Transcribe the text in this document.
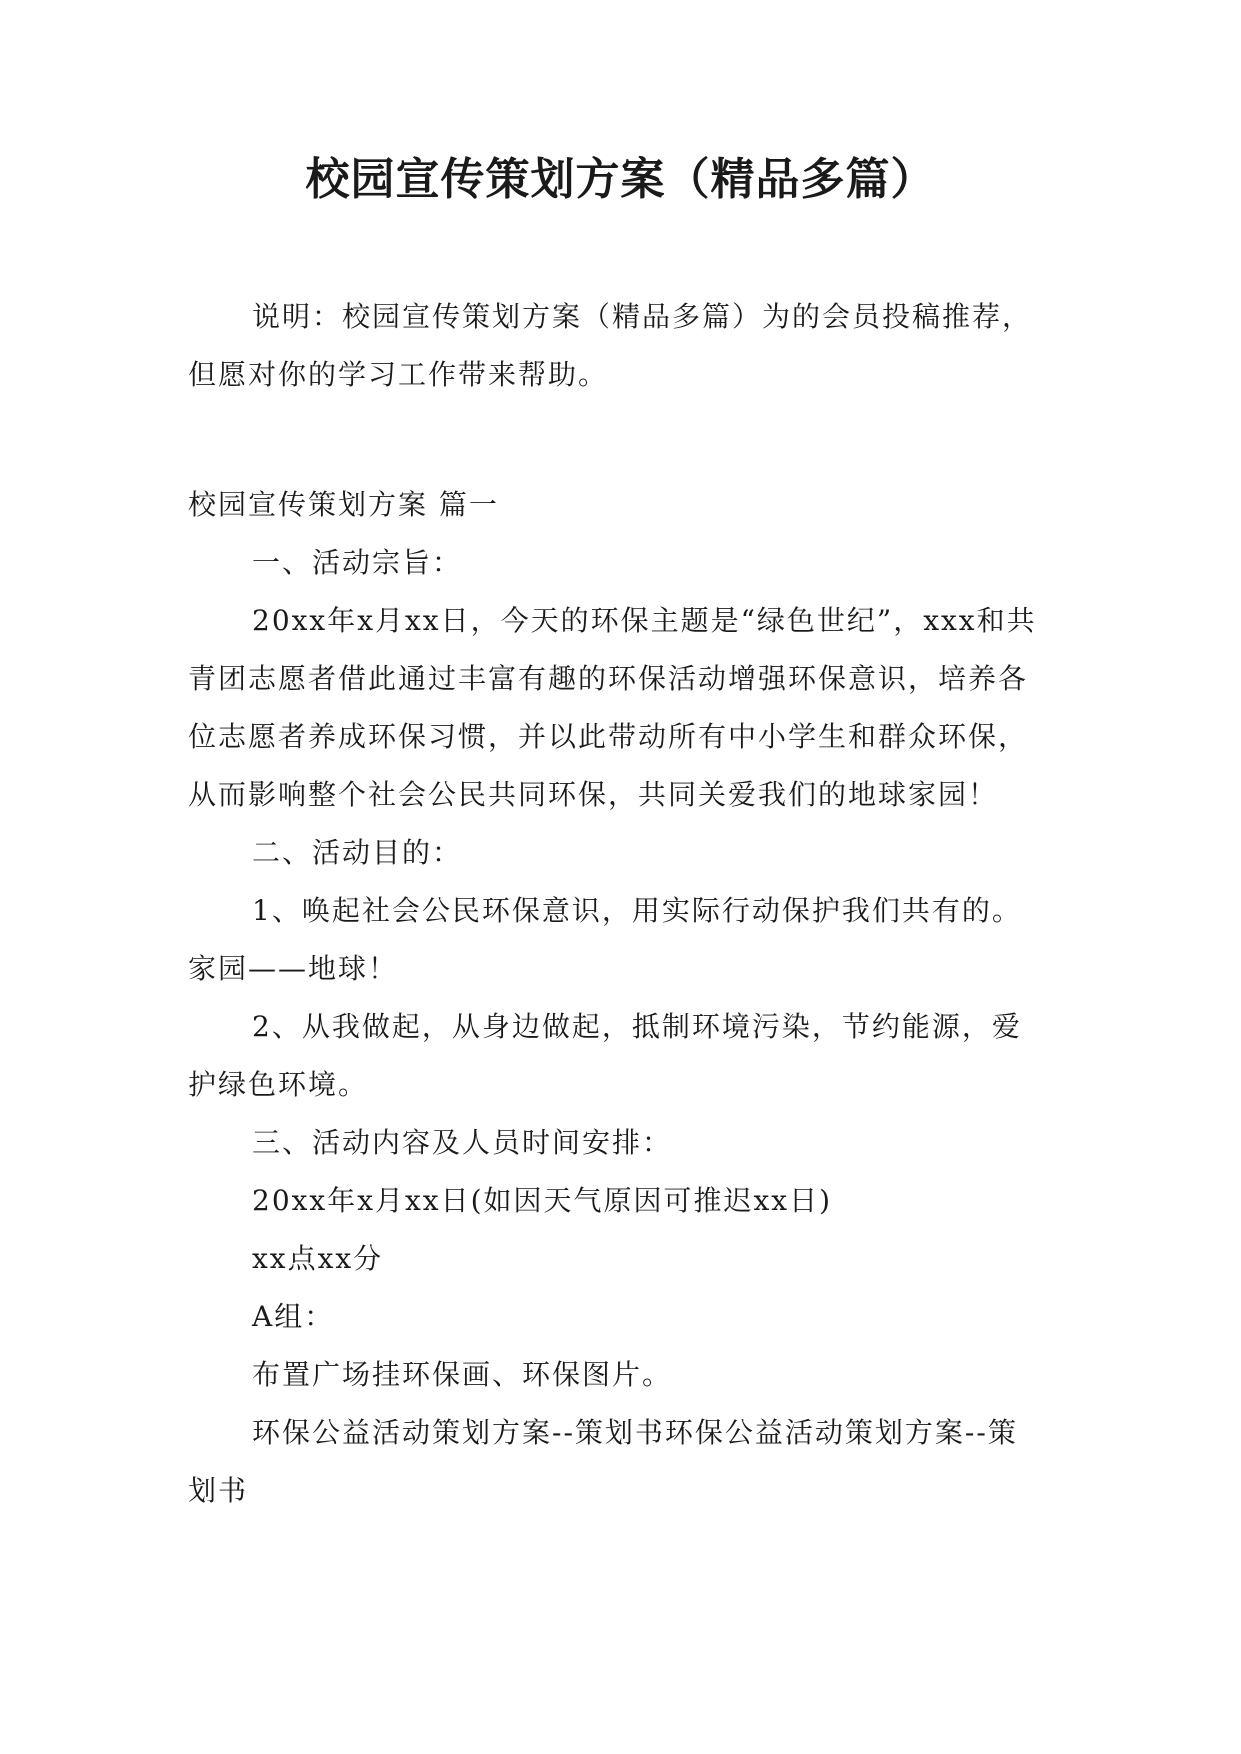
校园宣传策划方案（精品多篇）

说明：校园宣传策划方案（精品多篇）为的会员投稿推荐，但愿对你的学习工作带来帮助。

校园宣传策划方案 篇一

一、活动宗旨：

20xx年x月xx日，今天的环保主题是“绿色世纪”，xxx和共青团志愿者借此通过丰富有趣的环保活动增强环保意识，培养各位志愿者养成环保习惯，并以此带动所有中小学生和群众环保，从而影响整个社会公民共同环保，共同关爱我们的地球家园！

二、活动目的：

1、唤起社会公民环保意识，用实际行动保护我们共有的。家园——地球！

2、从我做起，从身边做起，抵制环境污染，节约能源，爱护绿色环境。

三、活动内容及人员时间安排：

20xx年x月xx日(如因天气原因可推迟xx日)

xx点xx分

A组：

布置广场挂环保画、环保图片。

环保公益活动策划方案--策划书环保公益活动策划方案--策划书
